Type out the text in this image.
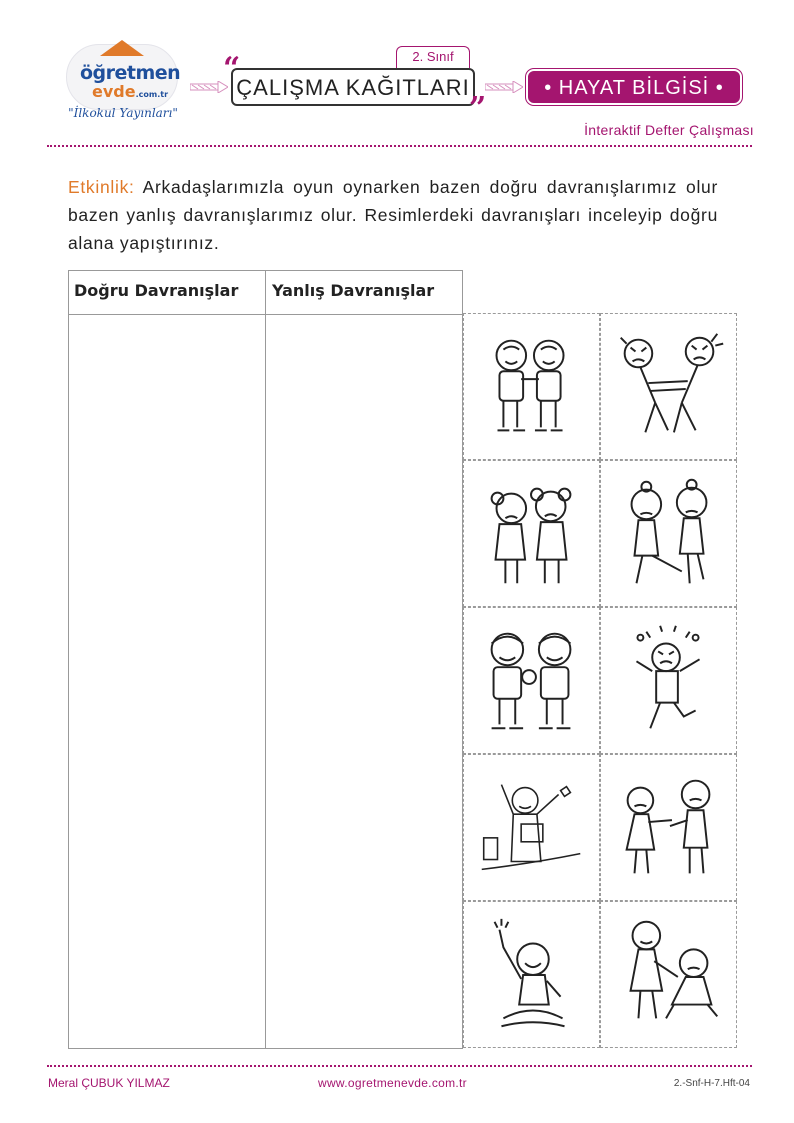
öğretmen
evde.com.tr
"İlkokul Yayınları"
2. Sınıf
ÇALIŞMA KAĞITLARI
“
”
• HAYAT BİLGİSİ •
İnteraktif Defter Çalışması
Etkinlik: Arkadaşlarımızla oyun oynarken bazen doğru davranışlarımız olur bazen yanlış davranışlarımız olur. Resimlerdeki davranışları inceleyip doğru alana yapıştırınız.
Doğru Davranışlar Yanlış Davranışlar
Meral ÇUBUK YILMAZ	www.ogretmenevde.com.tr	2.-Snf-H-7.Hft-04
